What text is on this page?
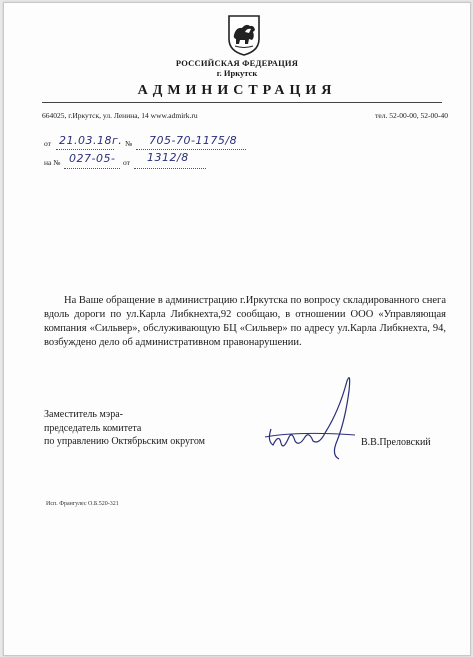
РОССИЙСКАЯ ФЕДЕРАЦИЯ
г. Иркутск
АДМИНИСТРАЦИЯ
664025, г.Иркутск, ул. Ленина, 14 www.admirk.ru	тел. 52-00-00, 52-00-40
от 21.03.18г. № 705-70-1175/8
на № 027-05- от 1312/8

На Ваше обращение в администрацию г.Иркутска по вопросу складированного снега вдоль дороги по ул.Карла Либкнехта,92 сообщаю, в отношении ООО «Управляющая компания «Сильвер», обслуживающую БЦ «Сильвер» по адресу ул.Карла Либкнехта, 94, возбуждено дело об административном правонарушении.

Заместитель мэра-
председатель комитета
по управлению Октябрьским округом	В.В.Преловский
Исп. Франгулес О.Б.520-321
